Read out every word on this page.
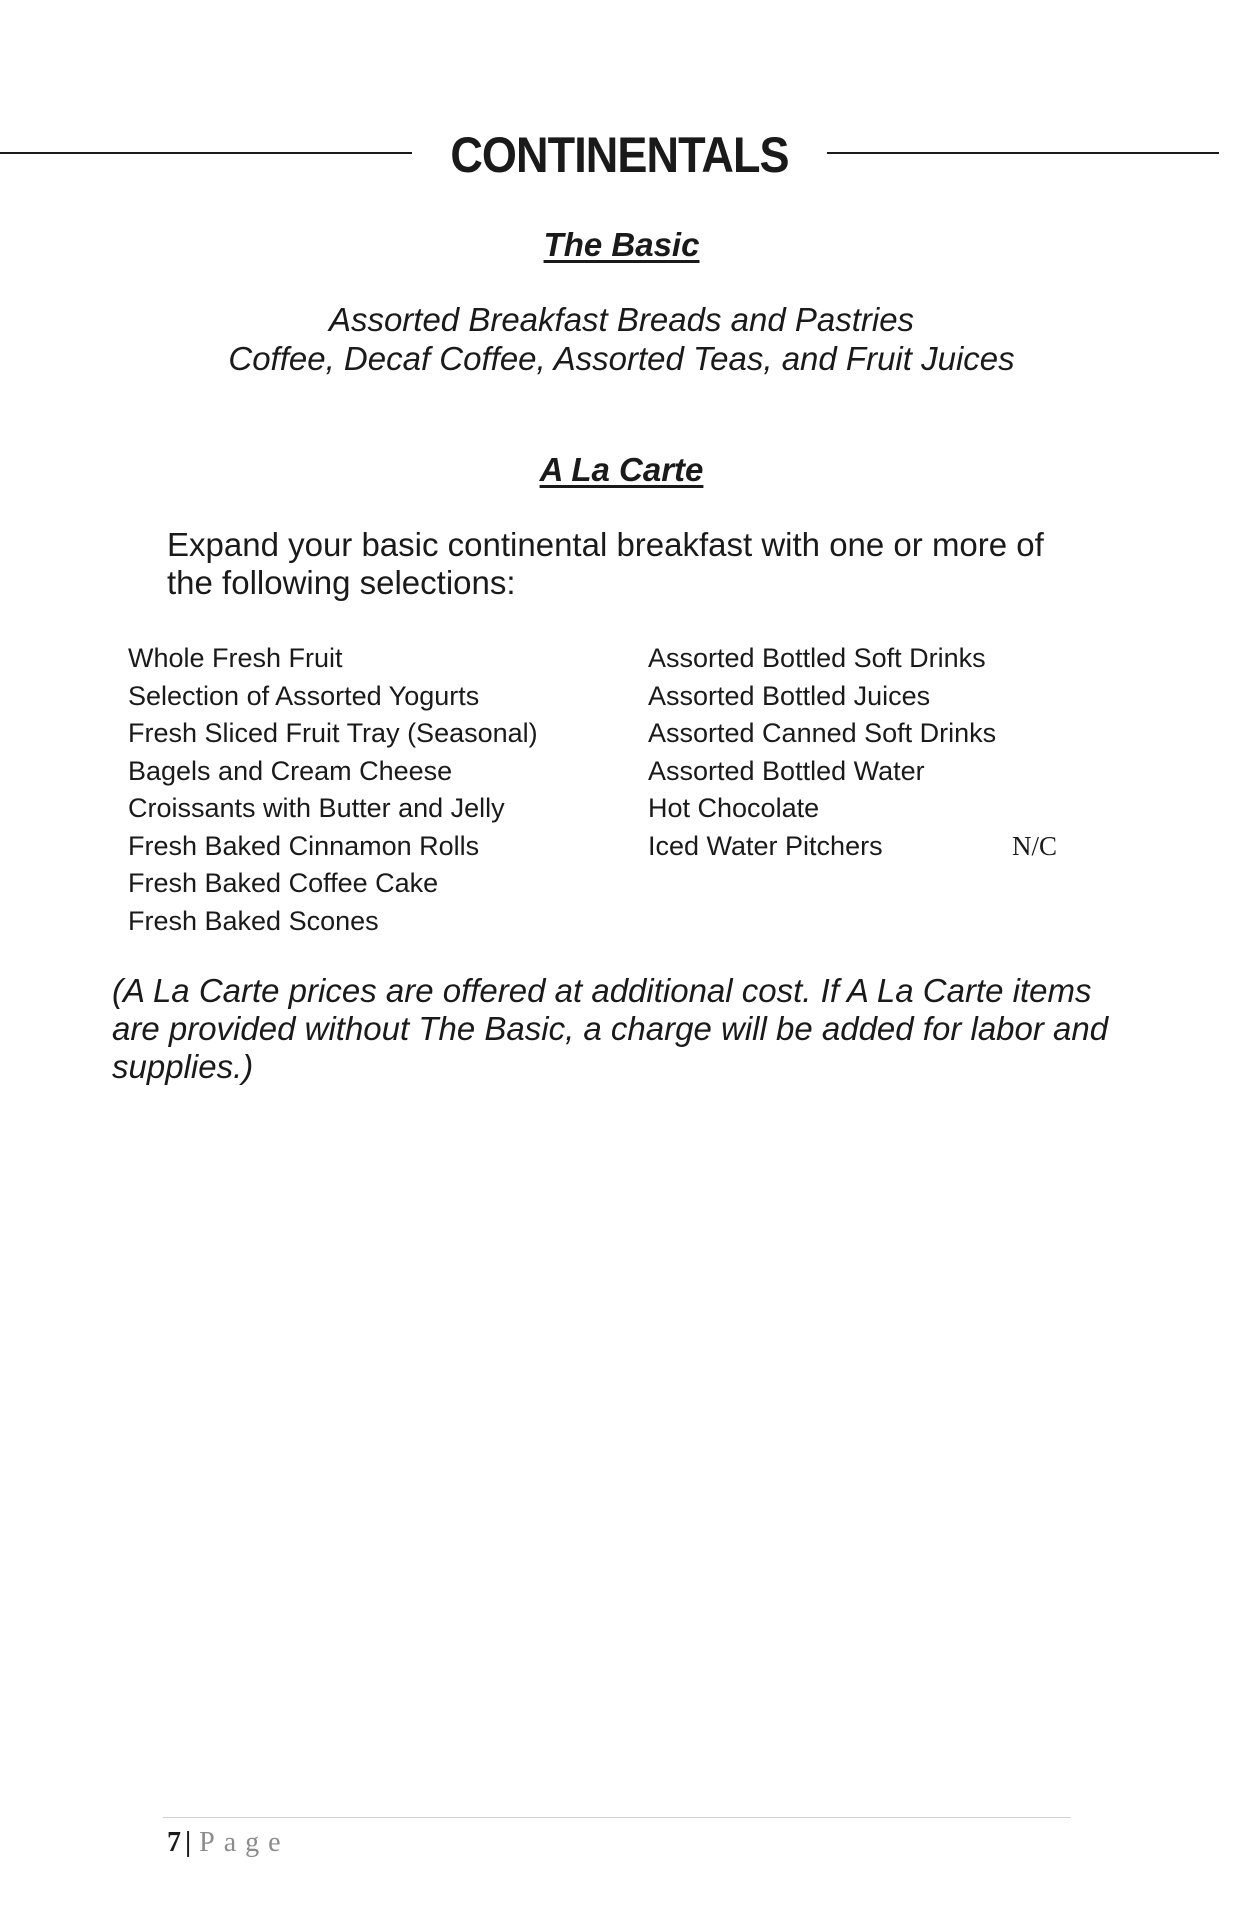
CONTINENTALS
The Basic
Assorted Breakfast Breads and Pastries
Coffee, Decaf Coffee, Assorted Teas, and Fruit Juices
A La Carte

Expand your basic continental breakfast with one or more of the following selections:

Whole Fresh Fruit
Selection of Assorted Yogurts
Fresh Sliced Fruit Tray (Seasonal)
Bagels and Cream Cheese
Croissants with Butter and Jelly
Fresh Baked Cinnamon Rolls
Fresh Baked Coffee Cake
Fresh Baked Scones
Assorted Bottled Soft Drinks
Assorted Bottled Juices
Assorted Canned Soft Drinks
Assorted Bottled Water
Hot Chocolate
Iced Water Pitchers	N/C

(A La Carte prices are offered at additional cost. If A La Carte items are provided without The Basic, a charge will be added for labor and supplies.)

7 | Page
